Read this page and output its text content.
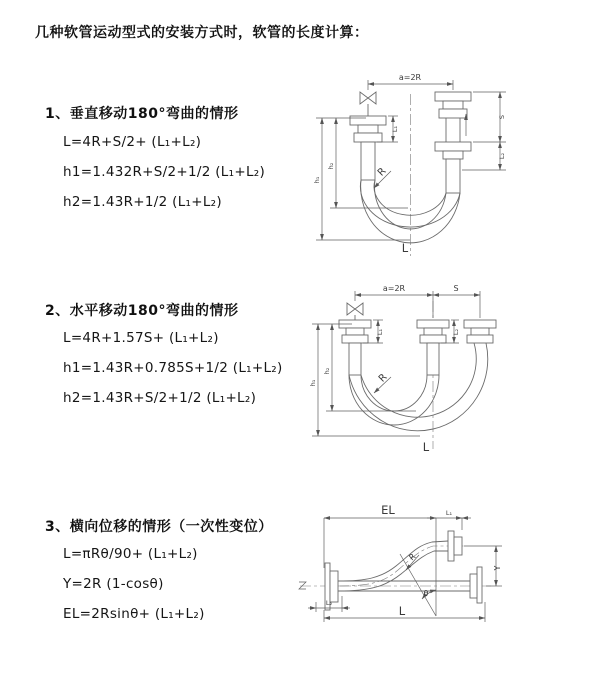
几种软管运动型式的安装方式时，软管的长度计算：
1、垂直移动180°弯曲的情形
L=4R+S/2+ (L₁+L₂)
h1=1.432R+S/2+1/2 (L₁+L₂)
h2=1.43R+1/2 (L₁+L₂)
a=2R
h₁
h₂
L₁
S
L₂
R
L
2、水平移动180°弯曲的情形
L=4R+1.57S+ (L₁+L₂)
h1=1.43R+0.785S+1/2 (L₁+L₂)
h2=1.43R+S/2+1/2 (L₁+L₂)
a=2R	S
h₁
h₂
L₁	L₂
R
L
3、横向位移的情形（一次性变位）
L=πRθ/90+ (L₁+L₂)
Y=2R (1-cosθ)
EL=2Rsinθ+ (L₁+L₂)
EL	L₁
Y
R
θ
L
L₂
